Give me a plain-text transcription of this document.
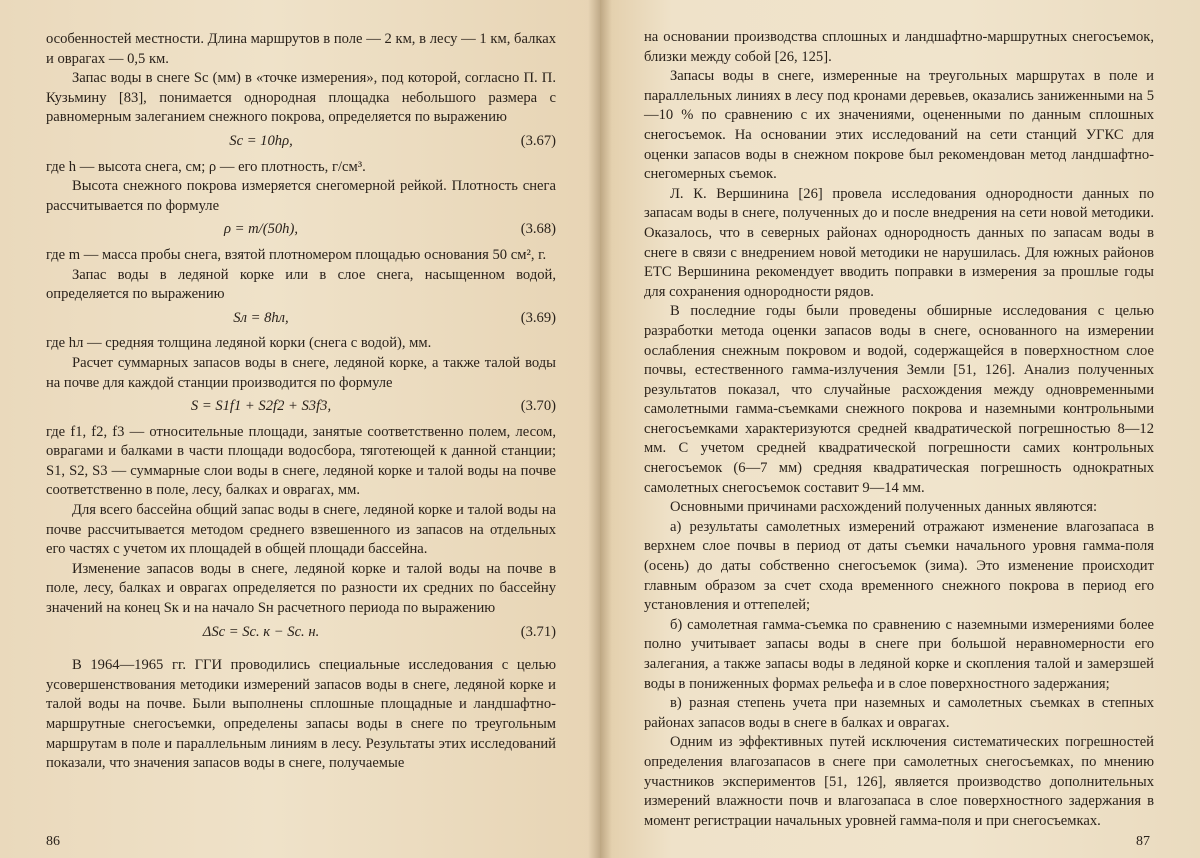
особенностей местности. Длина маршрутов в поле — 2 км, в лесу — 1 км, балках и оврагах — 0,5 км.

Запас воды в снеге Sс (мм) в «точке измерения», под которой, согласно П. П. Кузьмину [83], понимается однородная площадка небольшого размера с равномерным залеганием снежного покрова, определяется по выражению

Sс = 10hρ,	(3.67)

где h — высота снега, см; ρ — его плотность, г/см³.

Высота снежного покрова измеряется снегомерной рейкой. Плотность снега рассчитывается по формуле

ρ = m/(50h),	(3.68)

где m — масса пробы снега, взятой плотномером площадью основания 50 см², г.

Запас воды в ледяной корке или в слое снега, насыщенном водой, определяется по выражению

Sл = 8hл,	(3.69)

где hл — средняя толщина ледяной корки (снега с водой), мм.

Расчет суммарных запасов воды в снеге, ледяной корке, а также талой воды на почве для каждой станции производится по формуле

S = S1f1 + S2f2 + S3f3,	(3.70)

где f1, f2, f3 — относительные площади, занятые соответственно полем, лесом, оврагами и балками в части площади водосбора, тяготеющей к данной станции; S1, S2, S3 — суммарные слои воды в снеге, ледяной корке и талой воды на почве соответственно в поле, лесу, балках и оврагах, мм.

Для всего бассейна общий запас воды в снеге, ледяной корке и талой воды на почве рассчитывается методом среднего взвешенного из запасов на отдельных его частях с учетом их площадей в общей площади бассейна.

Изменение запасов воды в снеге, ледяной корке и талой воды на почве в поле, лесу, балках и оврагах определяется по разности их средних по бассейну значений на конец Sк и на начало Sн расчетного периода по выражению

ΔSс = Sс. к − Sс. н.	(3.71)

В 1964—1965 гг. ГГИ проводились специальные исследования с целью усовершенствования методики измерений запасов воды в снеге, ледяной корке и талой воды на почве. Были выполнены сплошные площадные и ландшафтно-маршрутные снегосъемки, определены запасы воды в снеге по треугольным маршрутам в поле и параллельным линиям в лесу. Результаты этих исследований показали, что значения запасов воды в снеге, получаемые

86

на основании производства сплошных и ландшафтно-маршрутных снегосъемок, близки между собой [26, 125].

Запасы воды в снеге, измеренные на треугольных маршрутах в поле и параллельных линиях в лесу под кронами деревьев, оказались заниженными на 5—10 % по сравнению с их значениями, оцененными по данным сплошных снегосъемок. На основании этих исследований на сети станций УГКС для оценки запасов воды в снежном покрове был рекомендован метод ландшафтно-снегомерных съемок.

Л. К. Вершинина [26] провела исследования однородности данных по запасам воды в снеге, полученных до и после внедрения на сети новой методики. Оказалось, что в северных районах однородность данных по запасам воды в снеге в связи с внедрением новой методики не нарушилась. Для южных районов ЕТС Вершинина рекомендует вводить поправки в измерения за прошлые годы для сохранения однородности рядов.

В последние годы были проведены обширные исследования с целью разработки метода оценки запасов воды в снеге, основанного на измерении ослабления снежным покровом и водой, содержащейся в поверхностном слое почвы, естественного гамма-излучения Земли [51, 126]. Анализ полученных результатов показал, что случайные расхождения между одновременными самолетными гамма-съемками снежного покрова и наземными контрольными снегосъемками характеризуются средней квадратической погрешностью 8—12 мм. С учетом средней квадратической погрешности самих контрольных снегосъемок (6—7 мм) средняя квадратическая погрешность однократных самолетных снегосъемок составит 9—14 мм.

Основными причинами расхождений полученных данных являются:

а) результаты самолетных измерений отражают изменение влагозапаса в верхнем слое почвы в период от даты съемки начального уровня гамма-поля (осень) до даты собственно снегосъемок (зима). Это изменение происходит главным образом за счет схода временного снежного покрова в период его установления и оттепелей;

б) самолетная гамма-съемка по сравнению с наземными измерениями более полно учитывает запасы воды в снеге при большой неравномерности его залегания, а также запасы воды в ледяной корке и скопления талой и замерзшей воды в пониженных формах рельефа и в слое поверхностного задержания;

в) разная степень учета при наземных и самолетных съемках в степных районах запасов воды в снеге в балках и оврагах.

Одним из эффективных путей исключения систематических погрешностей определения влагозапасов в снеге при самолетных снегосъемках, по мнению участников экспериментов [51, 126], является производство дополнительных измерений влажности почв и влагозапаса в слое поверхностного задержания в момент регистрации начальных уровней гамма-поля и при снегосъемках.

87
